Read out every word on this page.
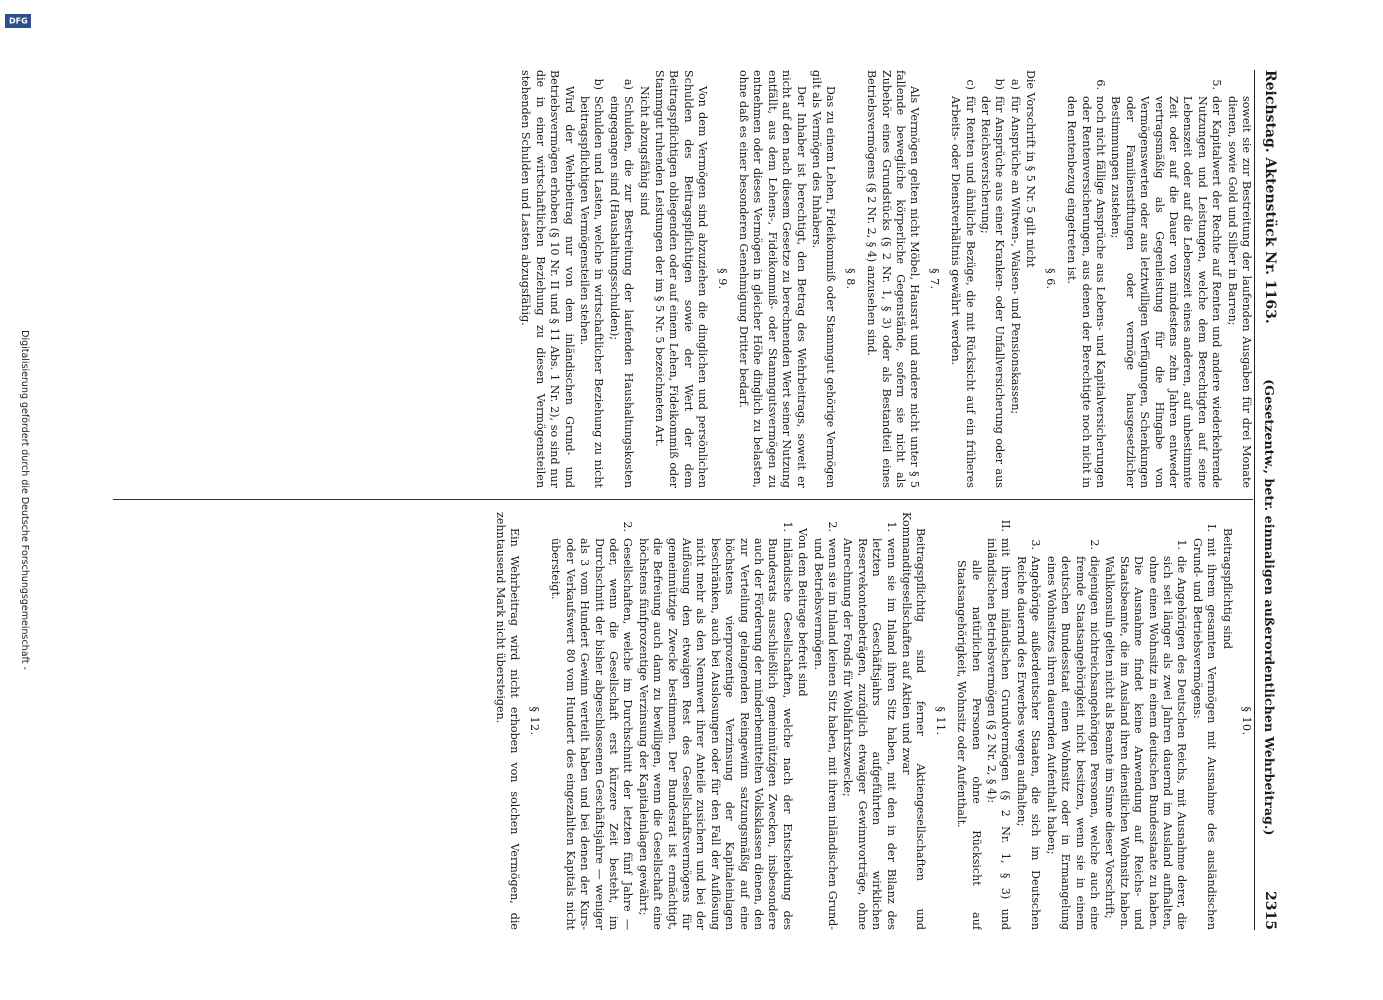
Reichstag. Aktenstück Nr. 1163.
(Gesetzentw., betr. einmaligen außerordentlichen Wehrbeitrag.)
2315

soweit sie zur Bestreitung der laufenden Ausgaben für drei Monate dienen, sowie Gold und Silber in Barren;

5.
der Kapitalwert der Rechte auf Renten und andere wiederkehrende Nutzungen und Leistungen, welche dem Berechtigten auf seine Lebenszeit oder auf die Lebenszeit eines anderen, auf unbestimmte Zeit oder auf die Dauer von mindestens zehn Jahren entweder vertragsmäßig als Gegenleistung für die Hingabe von Vermögenswerten oder aus letztwilligen Verfügungen, Schenkungen oder Familienstiftungen oder vermöge hausgesetzlicher Bestimmungen zustehen;
6.
noch nicht fällige Ansprüche aus Lebens- und Kapitalversicherungen oder Rentenversicherungen, aus denen der Berechtigte noch nicht in den Rentenbezug eingetreten ist.
§ 6.

Die Vorschrift in § 5 Nr. 5 gilt nicht

a)
für Ansprüche an Witwen-, Waisen- und Pensionskassen;
b)
für Ansprüche aus einer Kranken- oder Unfallversicherung oder aus der Reichsversicherung;
c)
für Renten und ähnliche Bezüge, die mit Rücksicht auf ein früheres Arbeits- oder Dienstverhältnis gewährt werden.
§ 7.

Als Vermögen gelten nicht Möbel, Hausrat und andere nicht unter § 5 fallende bewegliche körperliche Gegenstände, sofern sie nicht als Zubehör eines Grundstücks (§ 2 Nr. 1, § 3) oder als Bestandteil eines Betriebsvermögens (§ 2 Nr. 2, § 4) anzusehen sind.

§ 8.

Das zu einem Lehen, Fideikommiß oder Stammgut gehörige Vermögen gilt als Vermögen des Inhabers.

Der Inhaber ist berechtigt, den Betrag des Wehrbeitrags, soweit er nicht auf den nach diesem Gesetze zu berechnenden Wert seiner Nutzung entfällt, aus dem Lehens-, Fideikommiß- oder Stammgutsvermögen zu entnehmen oder dieses Vermögen in gleicher Höhe dinglich zu belasten, ohne daß es einer besonderen Genehmigung Dritter bedarf.

§ 9.

Von dem Vermögen sind abzuziehen die dinglichen und persönlichen Schulden des Beitragspflichtigen sowie der Wert der dem Beitragspflichtigen obliegenden oder auf einem Lehen, Fideikommiß oder Stammgut ruhenden Leistungen der im § 5 Nr. 5 bezeichneten Art.

Nicht abzugsfähig sind

a)
Schulden, die zur Bestreitung der laufenden Haushaltungskosten eingegangen sind (Haushaltungsschulden);
b)
Schulden und Lasten, welche in wirtschaftlicher Beziehung zu nicht beitragspflichtigen Vermögensteilen stehen.

Wird der Wehrbeitrag nur von dem inländischen Grund- und Betriebsvermögen erhoben (§ 10 Nr. II und § 11 Abs. 1 Nr. 2), so sind nur die in einer wirtschaftlichen Beziehung zu diesen Vermögensteilen stehenden Schulden und Lasten abzugsfähig.

§ 10.

Beitragspflichtig sind

I.
mit ihrem gesamten Vermögen mit Ausnahme des ausländischen Grund- und Betriebsvermögens:
1.
die Angehörigen des Deutschen Reichs, mit Ausnahme derer, die sich seit länger als zwei Jahren dauernd im Ausland aufhalten, ohne einen Wohnsitz in einem deutschen Bundesstaate zu haben. Die Ausnahme findet keine Anwendung auf Reichs- und Staatsbeamte, die im Ausland ihren dienstlichen Wohnsitz haben. Wahlkonsuln gelten nicht als Beamte im Sinne dieser Vorschrift;
2.
diejenigen nichtreichsangehörigen Personen, welche auch eine fremde Staatsangehörigkeit nicht besitzen, wenn sie in einem deutschen Bundesstaat einen Wohnsitz oder in Ermangelung eines Wohnsitzes ihren dauernden Aufenthalt haben;
3.
Angehörige außerdeutscher Staaten, die sich im Deutschen Reiche dauernd des Erwerbes wegen aufhalten;
II.
mit ihrem inländischen Grundvermögen (§ 2 Nr. 1, § 3) und inländischen Betriebsvermögen (§ 2 Nr. 2, § 4):

alle natürlichen Personen ohne Rücksicht auf Staatsangehörigkeit, Wohnsitz oder Aufenthalt.

§ 11.

Beitragspflichtig sind ferner Aktiengesellschaften und Kommanditgesellschaften auf Aktien und zwar

1.
wenn sie im Inland ihren Sitz haben, mit den in der Bilanz des letzten Geschäftsjahrs aufgeführten wirklichen Reservekontenbeträgen, zuzüglich etwaiger Gewinnvorträge, ohne Anrechnung der Fonds für Wohlfahrtszwecke;
2.
wenn sie im Inland keinen Sitz haben, mit ihrem inländischen Grund- und Betriebsvermögen.

Von dem Beitrage befreit sind

1.
inländische Gesellschaften, welche nach der Entscheidung des Bundesrats ausschließlich gemeinnützigen Zwecken, insbesondere auch der Förderung der minderbemittelten Volksklassen dienen, den zur Verteilung gelangenden Reingewinn satzungsmäßig auf eine höchstens vierprozentige Verzinsung der Kapitaleinlagen beschränken, auch bei Auslosungen oder für den Fall der Auflösung nicht mehr als den Nennwert ihrer Anteile zusichern und bei der Auflösung den etwaigen Rest des Gesellschaftsvermögens für gemeinnützige Zwecke bestimmen. Der Bundesrat ist ermächtigt, die Befreiung auch dann zu bewilligen, wenn die Gesellschaft eine höchstens fünfprozentige Verzinsung der Kapitaleinlagen gewährt;
2.
Gesellschaften, welche im Durchschnitt der letzten fünf Jahre — oder, wenn die Gesellschaft erst kürzere Zeit besteht, im Durchschnitt der bisher abgeschlossenen Geschäftsjahre — weniger als 3 vom Hundert Gewinn verteilt haben und bei denen der Kurs- oder Verkaufswert 80 vom Hundert des eingezahlten Kapitals nicht übersteigt.
§ 12.

Ein Wehrbeitrag wird nicht erhoben von solchen Vermögen, die zehntausend Mark nicht übersteigen.

Digitalisierung gefördert durch die Deutsche Forschungsgemeinschaft -
DFG
